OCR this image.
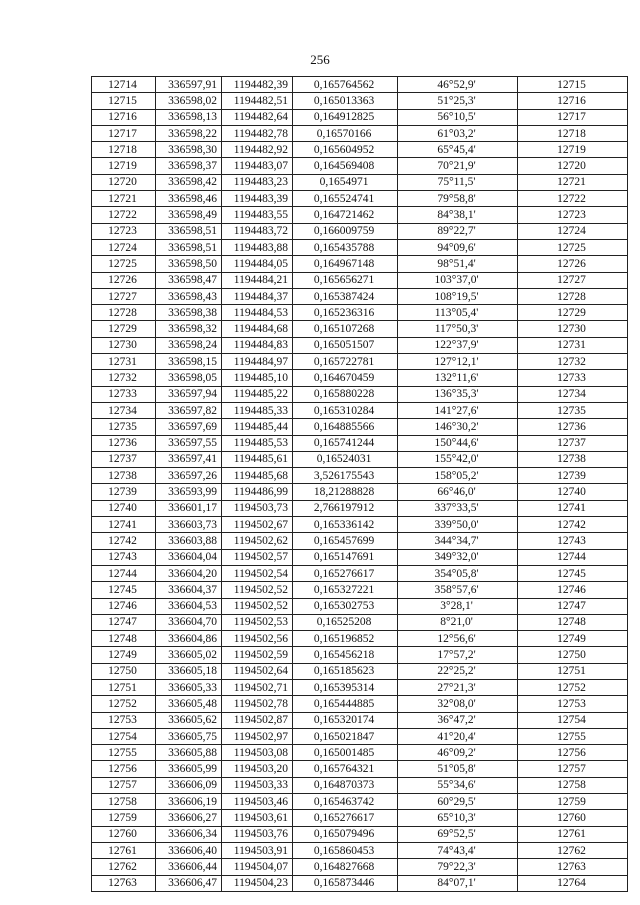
256
12714	336597,91	1194482,39	0,165764562	46°52,9'	12715
12715	336598,02	1194482,51	0,165013363	51°25,3'	12716
12716	336598,13	1194482,64	0,164912825	56°10,5'	12717
12717	336598,22	1194482,78	0,16570166	61°03,2'	12718
12718	336598,30	1194482,92	0,165604952	65°45,4'	12719
12719	336598,37	1194483,07	0,164569408	70°21,9'	12720
12720	336598,42	1194483,23	0,1654971	75°11,5'	12721
12721	336598,46	1194483,39	0,165524741	79°58,8'	12722
12722	336598,49	1194483,55	0,164721462	84°38,1'	12723
12723	336598,51	1194483,72	0,166009759	89°22,7'	12724
12724	336598,51	1194483,88	0,165435788	94°09,6'	12725
12725	336598,50	1194484,05	0,164967148	98°51,4'	12726
12726	336598,47	1194484,21	0,165656271	103°37,0'	12727
12727	336598,43	1194484,37	0,165387424	108°19,5'	12728
12728	336598,38	1194484,53	0,165236316	113°05,4'	12729
12729	336598,32	1194484,68	0,165107268	117°50,3'	12730
12730	336598,24	1194484,83	0,165051507	122°37,9'	12731
12731	336598,15	1194484,97	0,165722781	127°12,1'	12732
12732	336598,05	1194485,10	0,164670459	132°11,6'	12733
12733	336597,94	1194485,22	0,165880228	136°35,3'	12734
12734	336597,82	1194485,33	0,165310284	141°27,6'	12735
12735	336597,69	1194485,44	0,164885566	146°30,2'	12736
12736	336597,55	1194485,53	0,165741244	150°44,6'	12737
12737	336597,41	1194485,61	0,16524031	155°42,0'	12738
12738	336597,26	1194485,68	3,526175543	158°05,2'	12739
12739	336593,99	1194486,99	18,21288828	66°46,0'	12740
12740	336601,17	1194503,73	2,766197912	337°33,5'	12741
12741	336603,73	1194502,67	0,165336142	339°50,0'	12742
12742	336603,88	1194502,62	0,165457699	344°34,7'	12743
12743	336604,04	1194502,57	0,165147691	349°32,0'	12744
12744	336604,20	1194502,54	0,165276617	354°05,8'	12745
12745	336604,37	1194502,52	0,165327221	358°57,6'	12746
12746	336604,53	1194502,52	0,165302753	3°28,1'	12747
12747	336604,70	1194502,53	0,16525208	8°21,0'	12748
12748	336604,86	1194502,56	0,165196852	12°56,6'	12749
12749	336605,02	1194502,59	0,165456218	17°57,2'	12750
12750	336605,18	1194502,64	0,165185623	22°25,2'	12751
12751	336605,33	1194502,71	0,165395314	27°21,3'	12752
12752	336605,48	1194502,78	0,165444885	32°08,0'	12753
12753	336605,62	1194502,87	0,165320174	36°47,2'	12754
12754	336605,75	1194502,97	0,165021847	41°20,4'	12755
12755	336605,88	1194503,08	0,165001485	46°09,2'	12756
12756	336605,99	1194503,20	0,165764321	51°05,8'	12757
12757	336606,09	1194503,33	0,164870373	55°34,6'	12758
12758	336606,19	1194503,46	0,165463742	60°29,5'	12759
12759	336606,27	1194503,61	0,165276617	65°10,3'	12760
12760	336606,34	1194503,76	0,165079496	69°52,5'	12761
12761	336606,40	1194503,91	0,165860453	74°43,4'	12762
12762	336606,44	1194504,07	0,164827668	79°22,3'	12763
12763	336606,47	1194504,23	0,165873446	84°07,1'	12764
